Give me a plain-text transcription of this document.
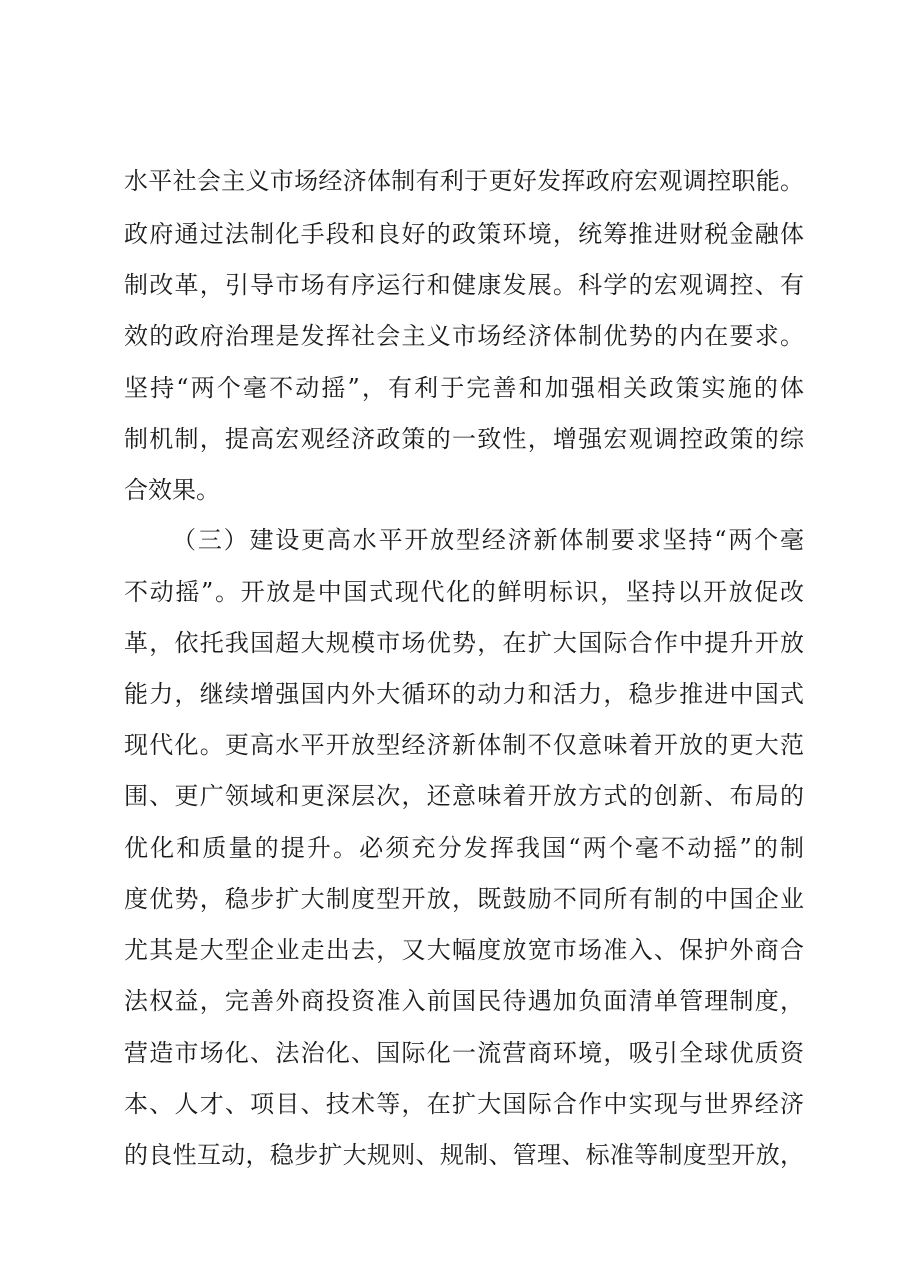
水平社会主义市场经济体制有利于更好发挥政府宏观调控职能。
政府通过法制化手段和良好的政策环境，统筹推进财税金融体
制改革，引导市场有序运行和健康发展。科学的宏观调控、有
效的政府治理是发挥社会主义市场经济体制优势的内在要求。
坚持“两个毫不动摇”，有利于完善和加强相关政策实施的体
制机制，提高宏观经济政策的一致性，增强宏观调控政策的综
合效果。
（三）建设更高水平开放型经济新体制要求坚持“两个毫
不动摇”。开放是中国式现代化的鲜明标识，坚持以开放促改
革，依托我国超大规模市场优势，在扩大国际合作中提升开放
能力，继续增强国内外大循环的动力和活力，稳步推进中国式
现代化。更高水平开放型经济新体制不仅意味着开放的更大范
围、更广领域和更深层次，还意味着开放方式的创新、布局的
优化和质量的提升。必须充分发挥我国“两个毫不动摇”的制
度优势，稳步扩大制度型开放，既鼓励不同所有制的中国企业
尤其是大型企业走出去，又大幅度放宽市场准入、保护外商合
法权益，完善外商投资准入前国民待遇加负面清单管理制度，
营造市场化、法治化、国际化一流营商环境，吸引全球优质资
本、人才、项目、技术等，在扩大国际合作中实现与世界经济
的良性互动，稳步扩大规则、规制、管理、标准等制度型开放，
